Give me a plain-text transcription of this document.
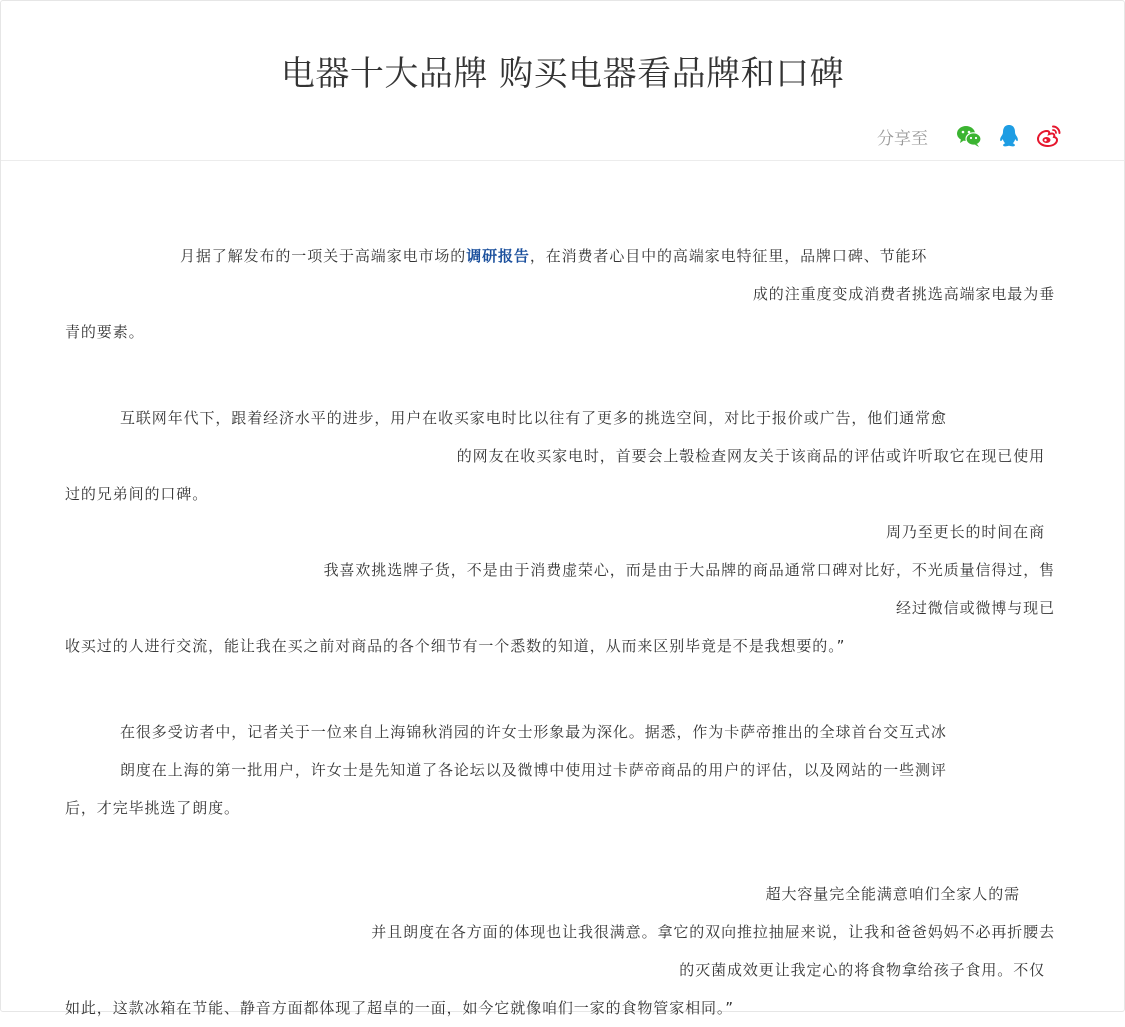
电器十大品牌 购买电器看品牌和口碑
分享至
月据了解发布的一项关于高端家电市场的调研报告，在消费者心目中的高端家电特征里，品牌口碑、节能环
成的注重度变成消费者挑选高端家电最为垂
青的要素。
互联网年代下，跟着经济水平的进步，用户在收买家电时比以往有了更多的挑选空间，对比于报价或广告，他们通常愈
的网友在收买家电时，首要会上彀检查网友关于该商品的评估或许听取它在现已使用
过的兄弟间的口碑。
周乃至更长的时间在商
我喜欢挑选牌子货，不是由于消费虚荣心，而是由于大品牌的商品通常口碑对比好，不光质量信得过，售
经过微信或微博与现已
收买过的人进行交流，能让我在买之前对商品的各个细节有一个悉数的知道，从而来区别毕竟是不是我想要的。”
在很多受访者中，记者关于一位来自上海锦秋消园的许女士形象最为深化。据悉，作为卡萨帝推出的全球首台交互式冰
朗度在上海的第一批用户，许女士是先知道了各论坛以及微博中使用过卡萨帝商品的用户的评估，以及网站的一些测评
后，才完毕挑选了朗度。
超大容量完全能满意咱们全家人的需
并且朗度在各方面的体现也让我很满意。拿它的双向推拉抽屉来说，让我和爸爸妈妈不必再折腰去
的灭菌成效更让我定心的将食物拿给孩子食用。不仅
如此，这款冰箱在节能、静音方面都体现了超卓的一面，如今它就像咱们一家的食物管家相同。”
